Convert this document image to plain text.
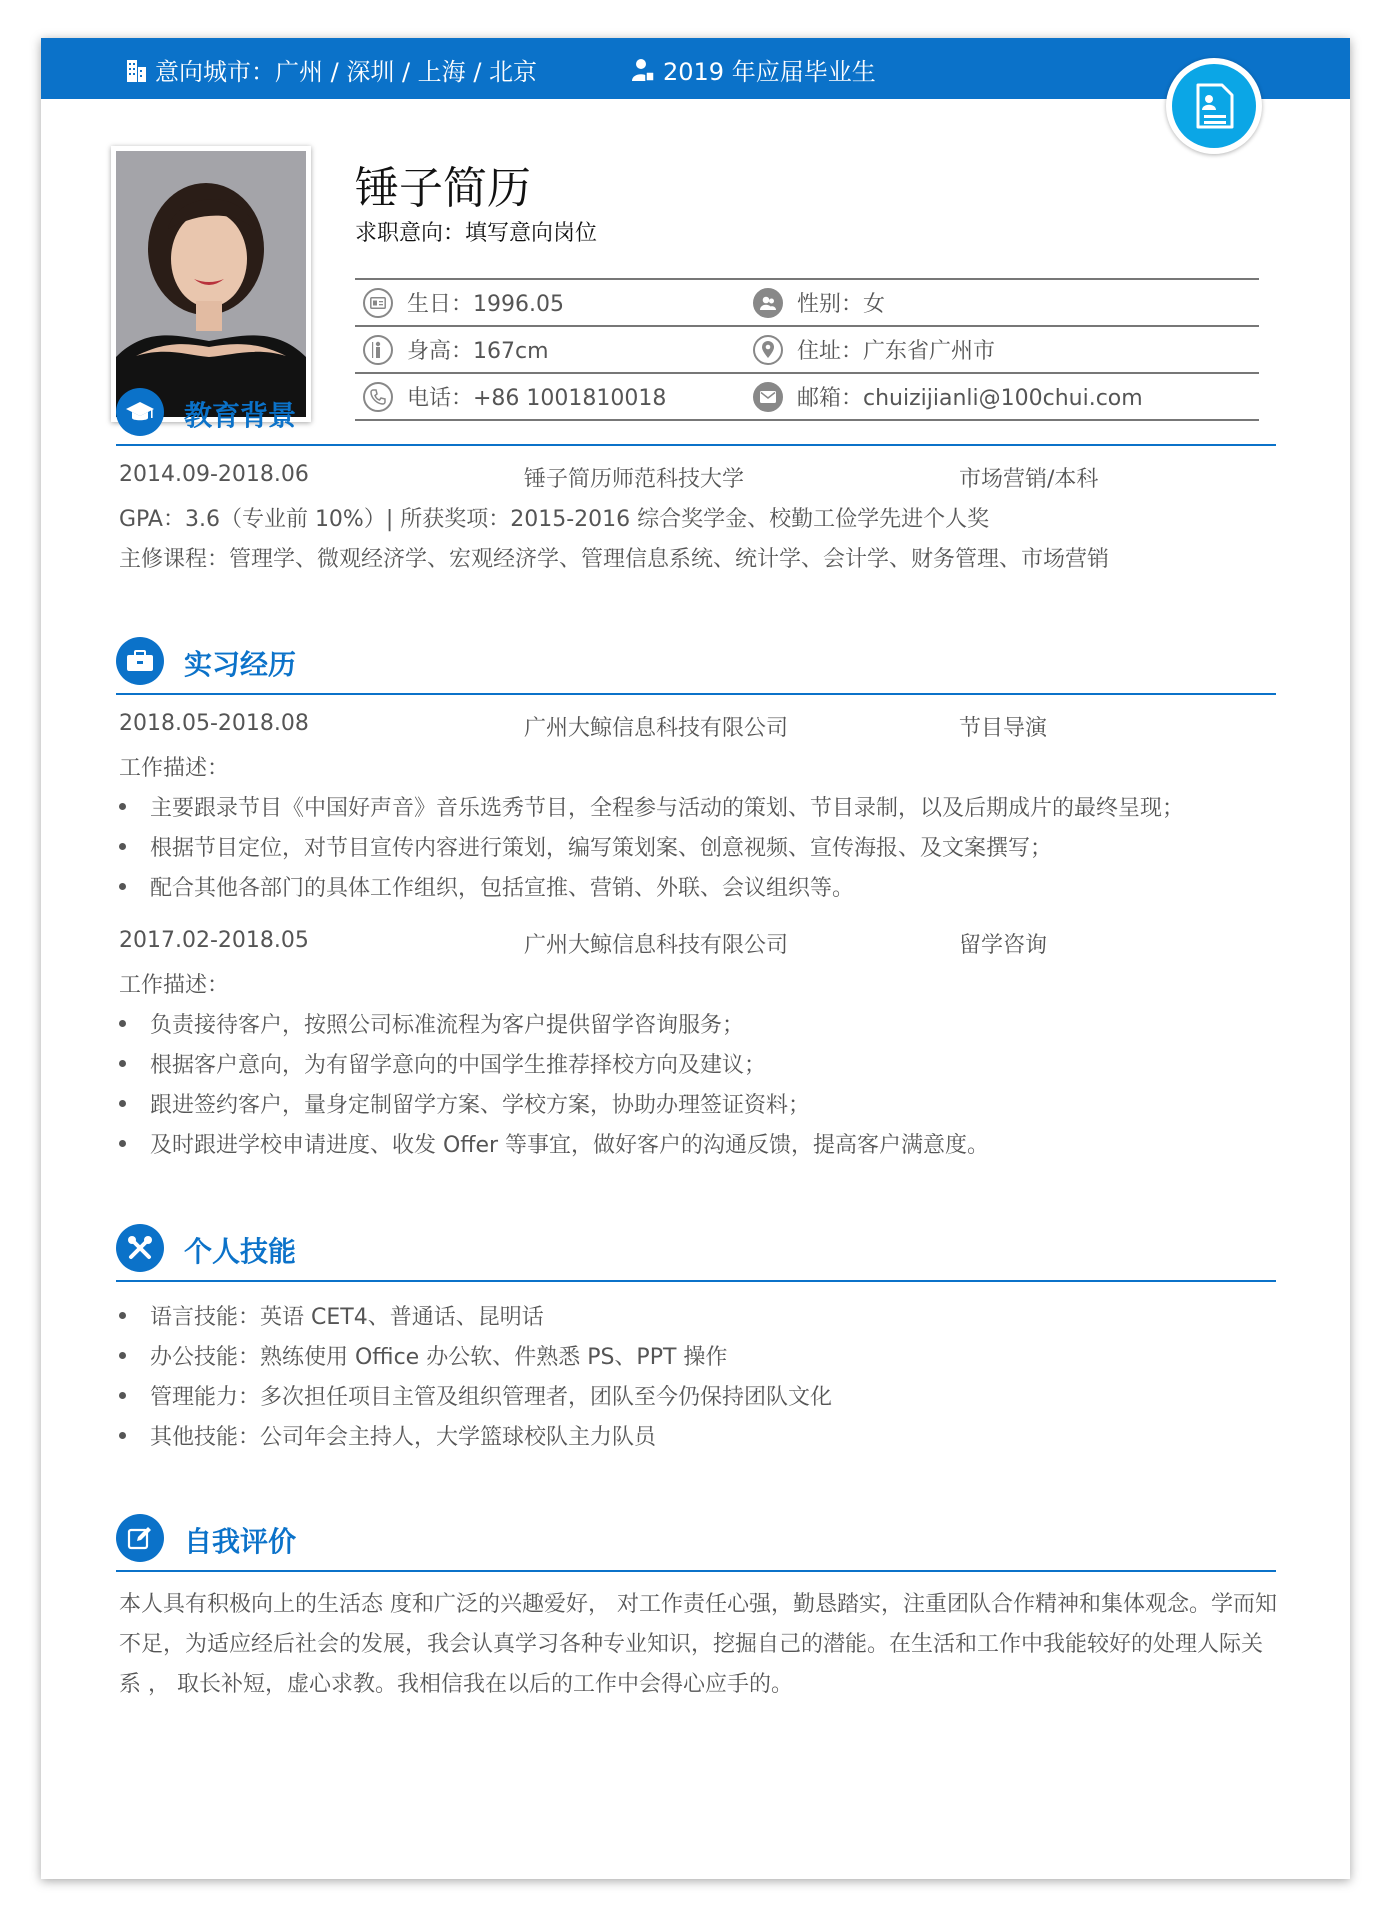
意向城市：广州 / 深圳 / 上海 / 北京	2019 年应届毕业生
锤子简历
求职意向：填写意向岗位
生日：1996.05	性别：女
身高：167cm	住址：广东省广州市
电话：+86 1001810018	邮箱：chuizijianli@100chui.com
教育背景
2014.09-2018.06	锤子简历师范科技大学	市场营销/本科
GPA：3.6（专业前 10%）| 所获奖项：2015-2016 综合奖学金、校勤工俭学先进个人奖
主修课程：管理学、微观经济学、宏观经济学、管理信息系统、统计学、会计学、财务管理、市场营销
实习经历
2018.05-2018.08	广州大鲸信息科技有限公司	节目导演
工作描述：
主要跟录节目《中国好声音》音乐选秀节目，全程参与活动的策划、节目录制，以及后期成片的最终呈现；
根据节目定位，对节目宣传内容进行策划，编写策划案、创意视频、宣传海报、及文案撰写；
配合其他各部门的具体工作组织，包括宣推、营销、外联、会议组织等。
2017.02-2018.05	广州大鲸信息科技有限公司	留学咨询
工作描述：
负责接待客户，按照公司标准流程为客户提供留学咨询服务；
根据客户意向，为有留学意向的中国学生推荐择校方向及建议；
跟进签约客户，量身定制留学方案、学校方案，协助办理签证资料；
及时跟进学校申请进度、收发 Offer 等事宜，做好客户的沟通反馈，提高客户满意度。
个人技能
语言技能：英语 CET4、普通话、昆明话
办公技能：熟练使用 Office 办公软、件熟悉 PS、PPT 操作
管理能力：多次担任项目主管及组织管理者，团队至今仍保持团队文化
其他技能：公司年会主持人，大学篮球校队主力队员
自我评价
本人具有积极向上的生活态 度和广泛的兴趣爱好， 对工作责任心强，勤恳踏实，注重团队合作精神和集体观念。学而知不足，为适应经后社会的发展，我会认真学习各种专业知识，挖掘自己的潜能。在生活和工作中我能较好的处理人际关系 ， 取长补短，虚心求教。我相信我在以后的工作中会得心应手的。
